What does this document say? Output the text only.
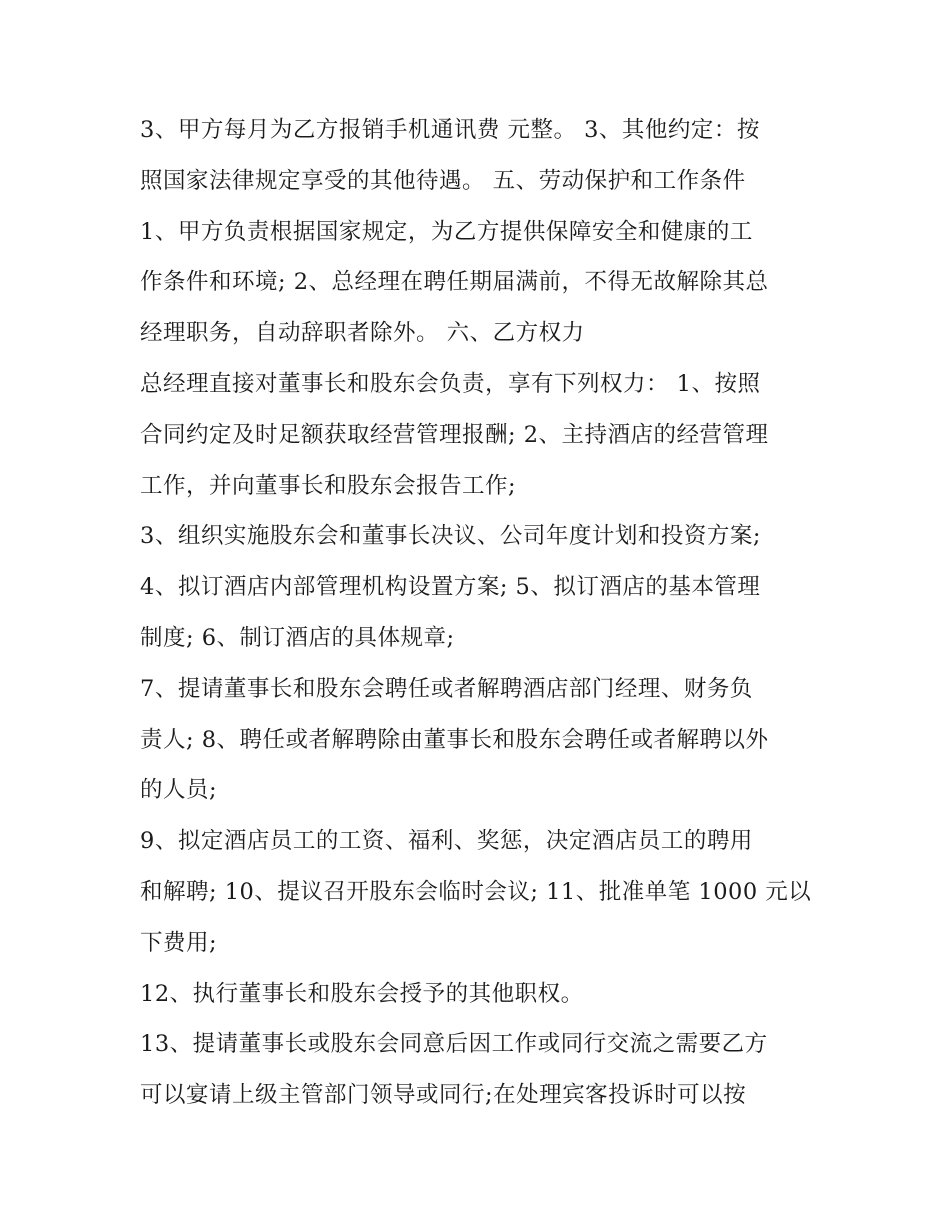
3、甲方每月为乙方报销手机通讯费 元整。 3、其他约定：按
照国家法律规定享受的其他待遇。 五、劳动保护和工作条件
1、甲方负责根据国家规定，为乙方提供保障安全和健康的工
作条件和环境; 2、总经理在聘任期届满前，不得无故解除其总
经理职务，自动辞职者除外。 六、乙方权力
总经理直接对董事长和股东会负责，享有下列权力： 1、按照
合同约定及时足额获取经营管理报酬; 2、主持酒店的经营管理
工作，并向董事长和股东会报告工作;
3、组织实施股东会和董事长决议、公司年度计划和投资方案;
4、拟订酒店内部管理机构设置方案; 5、拟订酒店的基本管理
制度; 6、制订酒店的具体规章;
7、提请董事长和股东会聘任或者解聘酒店部门经理、财务负
责人; 8、聘任或者解聘除由董事长和股东会聘任或者解聘以外
的人员;
9、拟定酒店员工的工资、福利、奖惩，决定酒店员工的聘用
和解聘; 10、提议召开股东会临时会议; 11、批准单笔 1000 元以
下费用;
12、执行董事长和股东会授予的其他职权。
13、提请董事长或股东会同意后因工作或同行交流之需要乙方
可以宴请上级主管部门领导或同行;在处理宾客投诉时可以按
